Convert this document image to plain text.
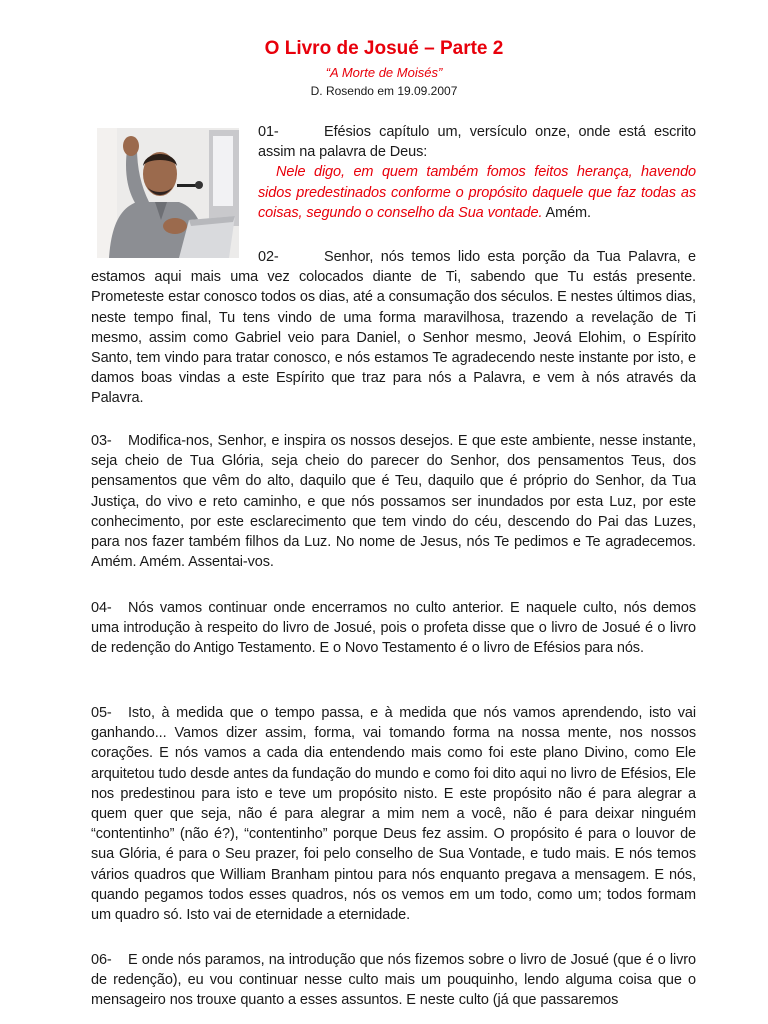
O Livro de Josué – Parte 2
“A Morte de Moisés”
D. Rosendo em 19.09.2007
01-	Efésios capítulo um, versículo onze, onde está escrito assim na palavra de Deus:
Nele digo, em quem também fomos feitos herança, havendo sidos predestinados conforme o propósito daquele que faz todas as coisas, segundo o conselho da Sua vontade. Amém.
02-	Senhor, nós temos lido esta porção da Tua Palavra, e estamos aqui mais uma vez colocados diante de Ti, sabendo que Tu estás presente. Prometeste estar conosco todos os dias, até a consumação dos séculos. E nestes últimos dias, neste tempo final, Tu tens vindo de uma forma maravilhosa, trazendo a revelação de Ti mesmo, assim como Gabriel veio para Daniel, o Senhor mesmo, Jeová Elohim, o Espírito Santo, tem vindo para tratar conosco, e nós estamos Te agradecendo neste instante por isto, e damos boas vindas a este Espírito que traz para nós a Palavra, e vem à nós através da Palavra.
03- Modifica-nos, Senhor, e inspira os nossos desejos. E que este ambiente, nesse instante, seja cheio de Tua Glória, seja cheio do parecer do Senhor, dos pensamentos Teus, dos pensamentos que vêm do alto, daquilo que é Teu, daquilo que é próprio do Senhor, da Tua Justiça, do vivo e reto caminho, e que nós possamos ser inundados por esta Luz, por este conhecimento, por este esclarecimento que tem vindo do céu, descendo do Pai das Luzes, para nos fazer também filhos da Luz. No nome de Jesus, nós Te pedimos e Te agradecemos. Amém. Amém. Assentai-vos.
04- Nós vamos continuar onde encerramos no culto anterior. E naquele culto, nós demos uma introdução à respeito do livro de Josué, pois o profeta disse que o livro de Josué é o livro de redenção do Antigo Testamento. E o Novo Testamento é o livro de Efésios para nós.
05- Isto, à medida que o tempo passa, e à medida que nós vamos aprendendo, isto vai ganhando... Vamos dizer assim, forma, vai tomando forma na nossa mente, nos nossos corações. E nós vamos a cada dia entendendo mais como foi este plano Divino, como Ele arquitetou tudo desde antes da fundação do mundo e como foi dito aqui no livro de Efésios, Ele nos predestinou para isto e teve um propósito nisto. E este propósito não é para alegrar a quem quer que seja, não é para alegrar a mim nem a você, não é para deixar ninguém “contentinho” (não é?), “contentinho” porque Deus fez assim. O propósito é para o louvor de sua Glória, é para o Seu prazer, foi pelo conselho de Sua Vontade, e tudo mais. E nós temos vários quadros que William Branham pintou para nós enquanto pregava a mensagem. E nós, quando pegamos todos esses quadros, nós os vemos em um todo, como um; todos formam um quadro só. Isto vai de eternidade a eternidade.
06- E onde nós paramos, na introdução que nós fizemos sobre o livro de Josué (que é o livro de redenção), eu vou continuar nesse culto mais um pouquinho, lendo alguma coisa que o mensageiro nos trouxe quanto a esses assuntos. E neste culto (já que passaremos
